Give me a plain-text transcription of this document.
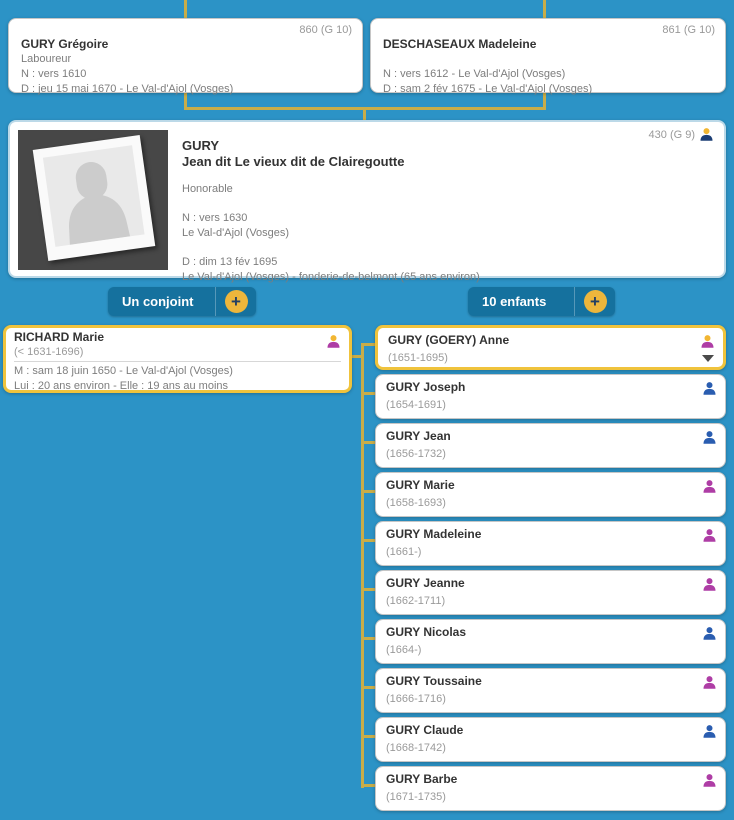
860 (G 10)
GURY Grégoire
Laboureur
N : vers 1610
D : jeu 15 mai 1670 - Le Val-d'Ajol (Vosges)
861 (G 10)
DESCHASEAUX Madeleine
N : vers 1612 - Le Val-d'Ajol (Vosges)
D : sam 2 fév 1675 - Le Val-d'Ajol (Vosges)
430 (G 9)
GURY
Jean dit Le vieux dit de Clairegoutte
Honorable
N : vers 1630
Le Val-d'Ajol (Vosges)
D : dim 13 fév 1695
Le Val-d'Ajol (Vosges) - fonderie-de-belmont (65 ans environ)
Un conjoint	+	10 enfants	+
RICHARD Marie
(< 1631-1696)
M : sam 18 juin 1650 - Le Val-d'Ajol (Vosges)
Lui : 20 ans environ - Elle : 19 ans au moins
GURY (GOERY) Anne
(1651-1695)
GURY Joseph
(1654-1691)
GURY Jean
(1656-1732)
GURY Marie
(1658-1693)
GURY Madeleine
(1661-)
GURY Jeanne
(1662-1711)
GURY Nicolas
(1664-)
GURY Toussaine
(1666-1716)
GURY Claude
(1668-1742)
GURY Barbe
(1671-1735)
